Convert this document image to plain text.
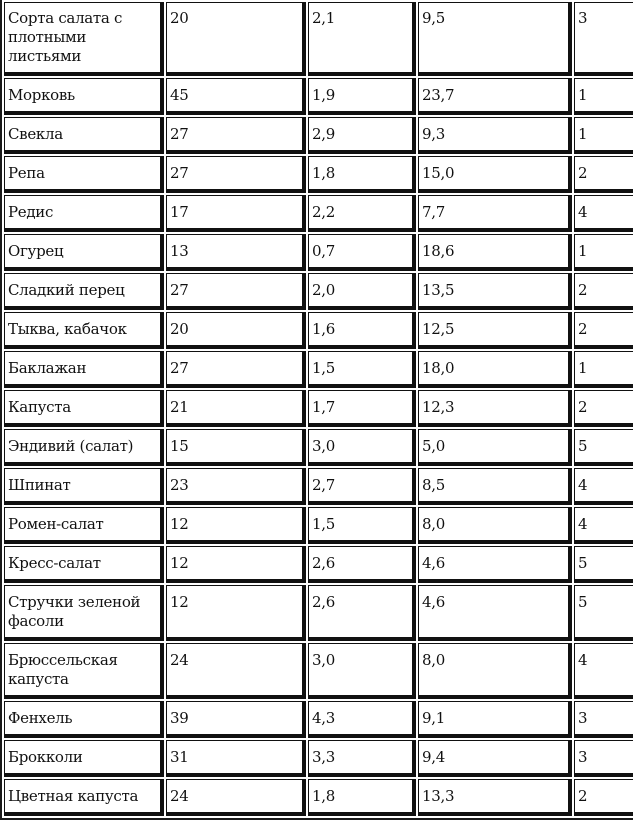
Сорта салата с плотными листьями	20	2,1	9,5	3
Морковь	45	1,9	23,7	1
Свекла	27	2,9	9,3	1
Репа	27	1,8	15,0	2
Редис	17	2,2	7,7	4
Огурец	13	0,7	18,6	1
Сладкий перец	27	2,0	13,5	2
Тыква, кабачок	20	1,6	12,5	2
Баклажан	27	1,5	18,0	1
Капуста	21	1,7	12,3	2
Эндивий (салат)	15	3,0	5,0	5
Шпинат	23	2,7	8,5	4
Ромен-салат	12	1,5	8,0	4
Кресс-салат	12	2,6	4,6	5
Стручки зеленой фасоли	12	2,6	4,6	5
Брюссельская капуста	24	3,0	8,0	4
Фенхель	39	4,3	9,1	3
Брокколи	31	3,3	9,4	3
Цветная капуста	24	1,8	13,3	2
